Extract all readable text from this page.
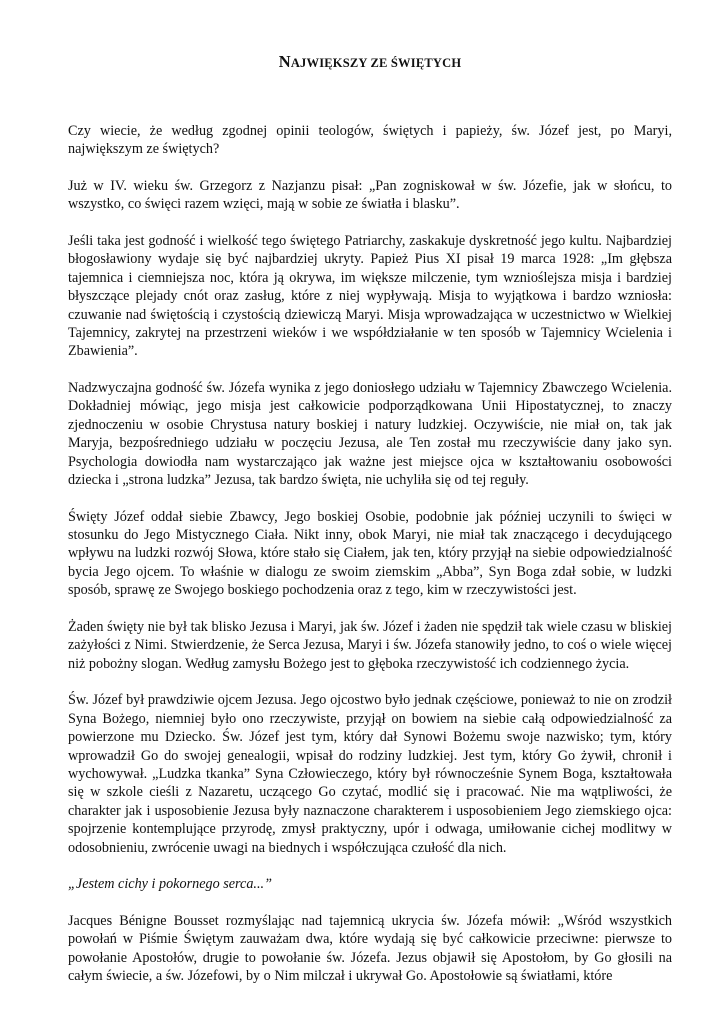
NAJWIĘKSZY ZE ŚWIĘTYCH

Czy wiecie, że według zgodnej opinii teologów, świętych i papieży, św. Józef jest, po Maryi, największym ze świętych?

Już w IV. wieku św. Grzegorz z Nazjanzu pisał: „Pan zogniskował w św. Józefie, jak w słońcu, to wszystko, co święci razem wzięci, mają w sobie ze światła i blasku”.

Jeśli taka jest godność i wielkość tego świętego Patriarchy, zaskakuje dyskretność jego kultu. Najbardziej błogosławiony wydaje się być najbardziej ukryty. Papież Pius XI pisał 19 marca 1928: „Im głębsza tajemnica i ciemniejsza noc, która ją okrywa, im większe milczenie, tym wznioślejsza misja i bardziej błyszczące plejady cnót oraz zasług, które z niej wypływają. Misja to wyjątkowa i bardzo wzniosła: czuwanie nad świętością i czystością dziewiczą Maryi. Misja wprowadzająca w uczestnictwo w Wielkiej Tajemnicy, zakrytej na przestrzeni wieków i we współdziałanie w ten sposób w Tajemnicy Wcielenia i Zbawienia”.

Nadzwyczajna godność św. Józefa wynika z jego doniosłego udziału w Tajemnicy Zbawczego Wcielenia. Dokładniej mówiąc, jego misja jest całkowicie podporządkowana Unii Hipostatycznej, to znaczy zjednoczeniu w osobie Chrystusa natury boskiej i natury ludzkiej. Oczywiście, nie miał on, tak jak Maryja, bezpośredniego udziału w poczęciu Jezusa, ale Ten został mu rzeczywiście dany jako syn. Psychologia dowiodła nam wystarczająco jak ważne jest miejsce ojca w kształtowaniu osobowości dziecka i „strona ludzka” Jezusa, tak bardzo święta, nie uchyliła się od tej reguły.

Święty Józef oddał siebie Zbawcy, Jego boskiej Osobie, podobnie jak później uczynili to święci w stosunku do Jego Mistycznego Ciała. Nikt inny, obok Maryi, nie miał tak znaczącego i decydującego wpływu na ludzki rozwój Słowa, które stało się Ciałem, jak ten, który przyjął na siebie odpowiedzialność bycia Jego ojcem. To właśnie w dialogu ze swoim ziemskim „Abba”, Syn Boga zdał sobie, w ludzki sposób, sprawę ze Swojego boskiego pochodzenia oraz z tego, kim w rzeczywistości jest.

Żaden święty nie był tak blisko Jezusa i Maryi, jak św. Józef i żaden nie spędził tak wiele czasu w bliskiej zażyłości z Nimi. Stwierdzenie, że Serca Jezusa, Maryi i św. Józefa stanowiły jedno, to coś o wiele więcej niż pobożny slogan. Według zamysłu Bożego jest to głęboka rzeczywistość ich codziennego życia.

Św. Józef był prawdziwie ojcem Jezusa. Jego ojcostwo było jednak częściowe, ponieważ to nie on zrodził Syna Bożego, niemniej było ono rzeczywiste, przyjął on bowiem na siebie całą odpowiedzialność za powierzone mu Dziecko. Św. Józef jest tym, który dał Synowi Bożemu swoje nazwisko; tym, który wprowadził Go do swojej genealogii, wpisał do rodziny ludzkiej. Jest tym, który Go żywił, chronił i wychowywał. „Ludzka tkanka” Syna Człowieczego, który był równocześnie Synem Boga, kształtowała się w szkole cieśli z Nazaretu, uczącego Go czytać, modlić się i pracować. Nie ma wątpliwości, że charakter jak i usposobienie Jezusa były naznaczone charakterem i usposobieniem Jego ziemskiego ojca: spojrzenie kontemplujące przyrodę, zmysł praktyczny, upór i odwaga, umiłowanie cichej modlitwy w odosobnieniu, zwrócenie uwagi na biednych i współczująca czułość dla nich.

„Jestem cichy i pokornego serca...”

Jacques Bénigne Bousset rozmyślając nad tajemnicą ukrycia św. Józefa mówił: „Wśród wszystkich powołań w Piśmie Świętym zauważam dwa, które wydają się być całkowicie przeciwne: pierwsze to powołanie Apostołów, drugie to powołanie św. Józefa. Jezus objawił się Apostołom, by Go głosili na całym świecie, a św. Józefowi, by o Nim milczał i ukrywał Go. Apostołowie są światłami, które
